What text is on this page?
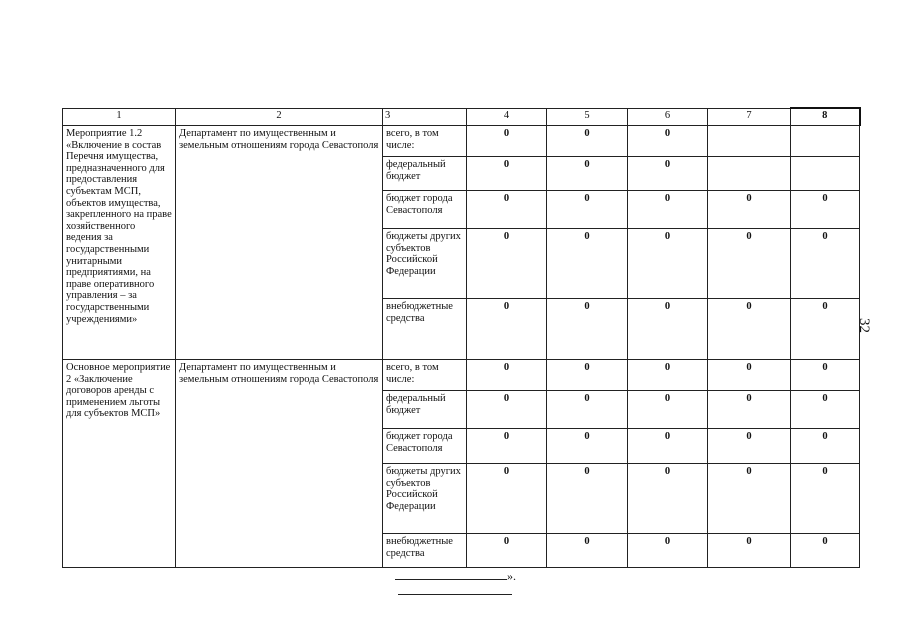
1	2	3	4	5	6	7	8
Мероприятие 1.2 «Включение в состав Перечня имущества, предназначенного для предоставления субъектам МСП, объектов имущества, закрепленного на праве хозяйственного ведения за государственными унитарными предприятиями, на праве оперативного управления – за государственными учреждениями»	Департамент по имущественным и земельным отношениям города Севастополя	всего, в том числе:	0	0	0		
		федеральный бюджет	0	0	0		
		бюджет города Севастополя	0	0	0	0	0
		бюджеты других субъектов Российской Федерации	0	0	0	0	0
		внебюджетные средства	0	0	0	0	0
Основное мероприятие 2 «Заключение договоров аренды с применением льготы для субъектов МСП»	Департамент по имущественным и земельным отношениям города Севастополя	всего, в том числе:	0	0	0	0	0
		федеральный бюджет	0	0	0	0	0
		бюджет города Севастополя	0	0	0	0	0
		бюджеты других субъектов Российской Федерации	0	0	0	0	0
		внебюджетные средства	0	0	0	0	0
32
».
